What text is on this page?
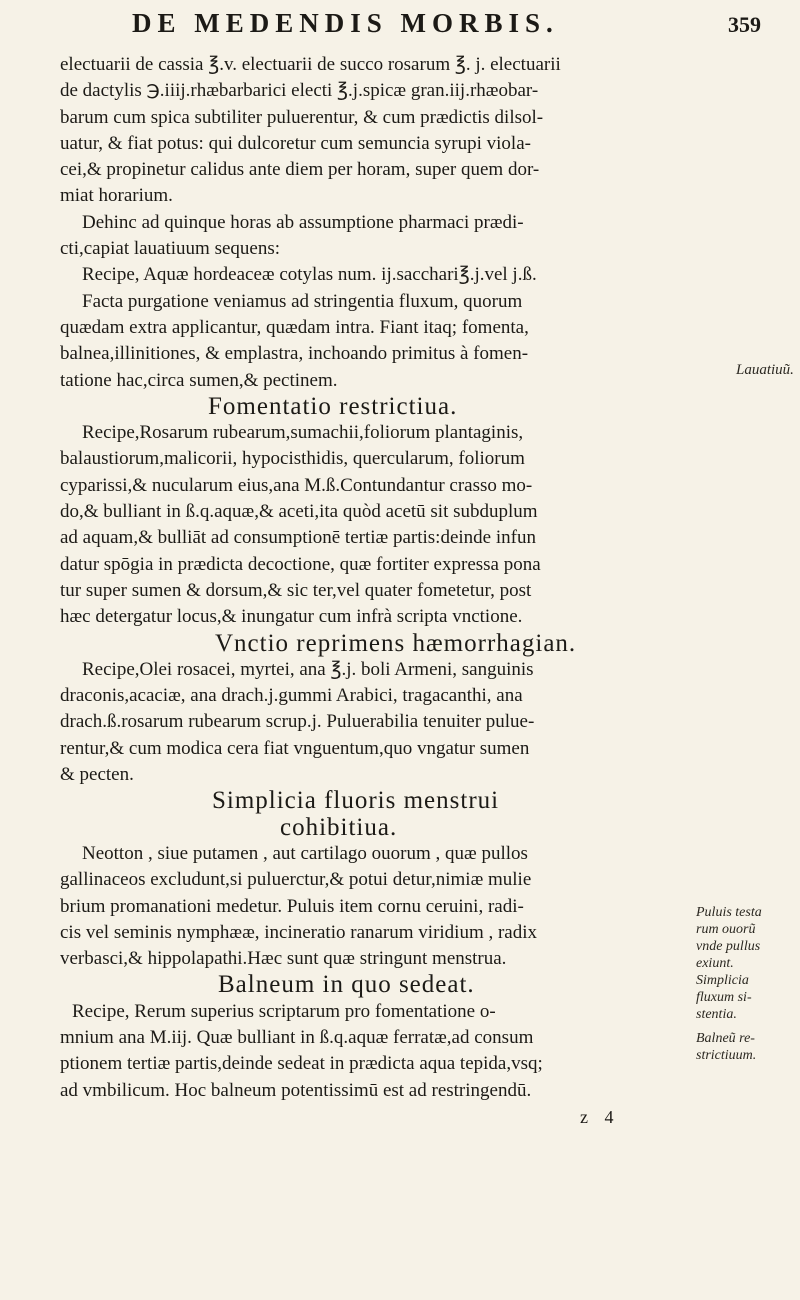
DE MEDENDIS MORBIS.	359
electuarii de cassia ℥.v. electuarii de succo rosarum ℥. j. electuarii
de dactylis ℈.iiij.rhæbarbarici electi ℥.j.spicæ gran.iij.rhæobar-
barum cum spica subtiliter puluerentur, & cum prædictis dilsol-
uatur, & fiat potus: qui dulcoretur cum semuncia syrupi viola-
cei,& propinetur calidus ante diem per horam, super quem dor-
miat horarium.
Dehinc ad quinque horas ab assumptione pharmaci prædi-
cti,capiat lauatiuum sequens:
Recipe, Aquæ hordeaceæ cotylas num. ij.sacchari℥.j.vel j.ß.
Facta purgatione veniamus ad stringentia fluxum, quorum
quædam extra applicantur, quædam intra. Fiant itaq; fomenta,
balnea,illinitiones, & emplastra, inchoando primitus à fomen-
tatione hac,circa sumen,& pectinem.
Fomentatio restrictiua.
Recipe,Rosarum rubearum,sumachii,foliorum plantaginis,
balaustiorum,malicorii, hypocisthidis, quercularum, foliorum
cyparissi,& nucularum eius,ana M.ß.Contundantur crasso mo-
do,& bulliant in ß.q.aquæ,& aceti,ita quòd acetū sit subduplum
ad aquam,& bulliāt ad consumptionē tertiæ partis:deinde infun
datur spōgia in prædicta decoctione, quæ fortiter expressa pona
tur super sumen & dorsum,& sic ter,vel quater fometetur, post
hæc detergatur locus,& inungatur cum infrà scripta vnctione.
Vnctio reprimens hæmorrhagian.
Recipe,Olei rosacei, myrtei, ana ℥.j. boli Armeni, sanguinis
draconis,acaciæ, ana drach.j.gummi Arabici, tragacanthi, ana
drach.ß.rosarum rubearum scrup.j. Puluerabilia tenuiter pulue-
rentur,& cum modica cera fiat vnguentum,quo vngatur sumen
& pecten.
Simplicia fluoris menstrui
cohibitiua.
Neotton , siue putamen , aut cartilago ouorum , quæ pullos
gallinaceos excludunt,si puluerctur,& potui detur,nimiæ mulie
brium promanationi medetur. Puluis item cornu ceruini, radi-
cis vel seminis nymphææ, incineratio ranarum viridium , radix
verbasci,& hippolapathi.Hæc sunt quæ stringunt menstrua.
Balneum in quo sedeat.
Recipe, Rerum superius scriptarum pro fomentatione o-
mnium ana M.iij. Quæ bulliant in ß.q.aquæ ferratæ,ad consum
ptionem tertiæ partis,deinde sedeat in prædicta aqua tepida,vsq;
ad vmbilicum. Hoc balneum potentissimū est ad restringendū.
z 4
Lauatiuũ.
Puluis testa
rum ouorũ
vnde pullus
exiunt.
Simplicia
fluxum si-
stentia.
Balneũ re-
strictiuum.
